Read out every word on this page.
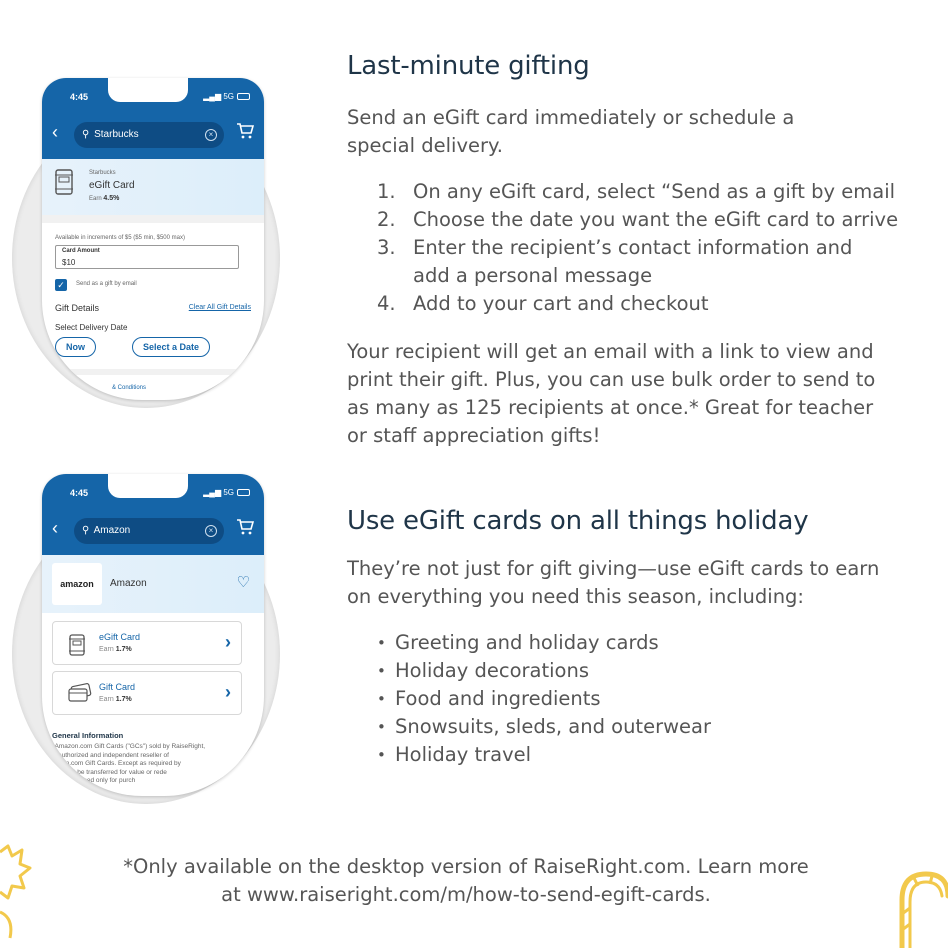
4:45	▂▄▆ 5G
‹	⚲ Starbucks	×
Starbucks
eGift Card
Earn 4.5%
Available in increments of $5 ($5 min, $500 max)
Card Amount
$10
✓	Send as a gift by email
Gift Details	Clear All Gift Details
Select Delivery Date
Now	Select a Date
& Conditions
4:45	▂▄▆ 5G
‹	⚲ Amazon	×
amazon	Amazon	♡
eGift Card
Earn 1.7%	›
Gift Card
Earn 1.7%	›
General Information
*Amazon.com Gift Cards ("GCs") sold by RaiseRight,
authorized and independent reseller of
on.com Gift Cards. Except as required by
nt be transferred for value or rede
used only for purch
Last-minute gifting

Send an eGift card immediately or schedule a special delivery.

1. On any eGift card, select “Send as a gift by email
2. Choose the date you want the eGift card to arrive
3. Enter the recipient’s contact information and add a personal message
4. Add to your cart and checkout

Your recipient will get an email with a link to view and print their gift. Plus, you can use bulk order to send to as many as 125 recipients at once.* Great for teacher or staff appreciation gifts!

Use eGift cards on all things holiday

They’re not just for gift giving—use eGift cards to earn on everything you need this season, including:

• Greeting and holiday cards
• Holiday decorations
• Food and ingredients
• Snowsuits, sleds, and outerwear
• Holiday travel
*Only available on the desktop version of RaiseRight.com. Learn more
at www.raiseright.com/m/how-to-send-egift-cards.
